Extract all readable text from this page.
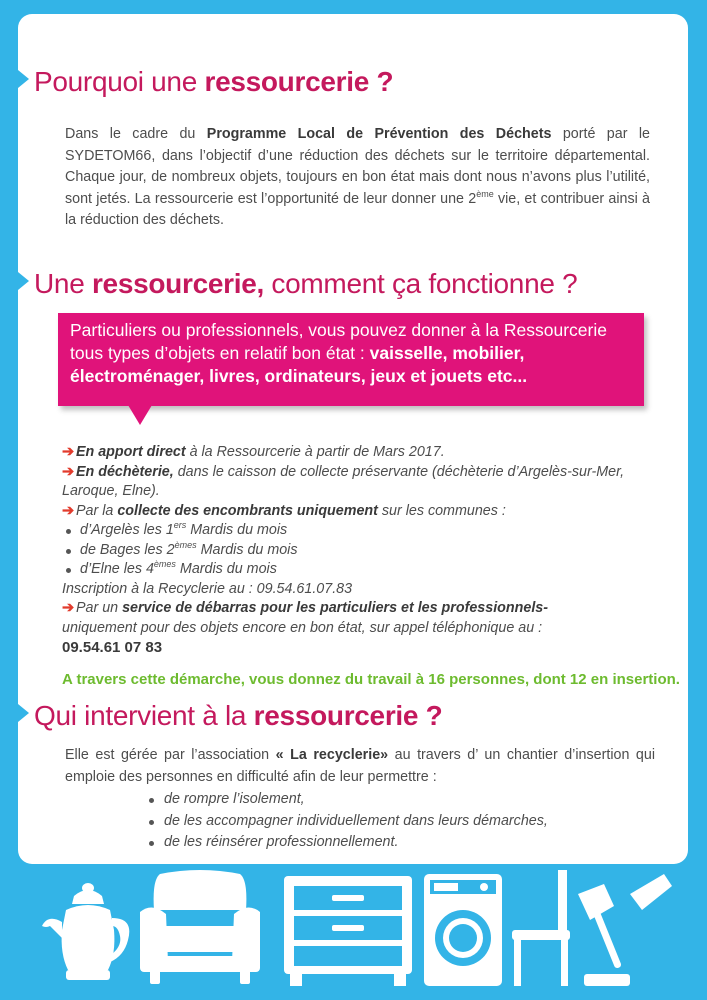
Pourquoi une ressourcerie ?

Dans le cadre du Programme Local de Prévention des Déchets porté par le SYDETOM66, dans l’objectif d’une réduction des déchets sur le territoire départemental. Chaque jour, de nombreux objets, toujours en bon état mais dont nous n’avons plus l’utilité, sont jetés. La ressourcerie est l’opportunité de leur donner une 2ème vie, et contribuer ainsi à la réduction des déchets.

Une ressourcerie, comment ça fonctionne ?
Particuliers ou professionnels, vous pouvez donner à la Ressourcerie tous types d’objets en relatif bon état : vaisselle, mobilier, électroménager, livres, ordinateurs, jeux et jouets etc...
➔ En apport direct à la Ressourcerie à partir de Mars 2017.
➔ En déchèterie, dans le caisson de collecte préservante (déchèterie d’Argelès-sur-Mer,
Laroque, Elne).
➔ Par la collecte des encombrants uniquement sur les communes :
d’Argelès les 1ers Mardis du mois
de Bages les 2èmes Mardis du mois
d’Elne les 4èmes Mardis du mois
Inscription à la Recyclerie au : 09.54.61.07.83
➔ Par un service de débarras pour les particuliers et les professionnels-
uniquement pour des objets encore en bon état, sur appel téléphonique au :
09.54.61 07 83

A travers cette démarche, vous donnez du travail à 16 personnes, dont 12 en insertion.

Qui intervient à la ressourcerie ?

Elle est gérée par l’association « La recyclerie» au travers d’ un chantier d’insertion qui emploie des personnes en difficulté afin de leur permettre :

de rompre l’isolement,
de les accompagner individuellement dans leurs démarches,
de les réinsérer professionnellement.
